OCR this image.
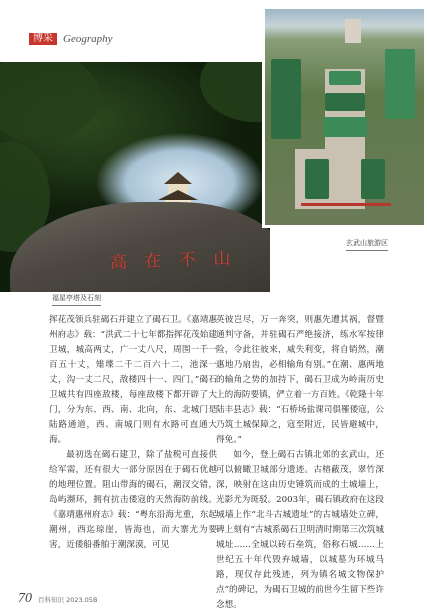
博采 Geography
高 在 不 山
玄武山旅游区
福星亭塔及石刻

挥花茂领兵驻碣石并建立了碣石卫。《嘉靖惠州府志》载：“洪武二十七年都指挥花茂始建卫城，城高两丈，广一丈八尺，周围一千一百五十丈，雉堞二千二百六十二，池深一丈，沟一丈二尺，敌楼四十一、四门。”碣石卫城共有四座敌楼，每座敌楼下都开辟了大门，分为东、西、南、北向，东、北城门是陆路通道，西、南城门则有水路可直通大海。

最初选在碣石建卫，除了盐税可直接供给军需，还有很大一部分原因在于碣石优越的地理位置。阻山带海的碣石，潮汊交错，岛屿濒环，拥有抗击倭寇的天然海防前线。《嘉靖惠州府志》载：“粤东沿海尤重，东起潮州，西迄琼崖，皆海也，而大寨尤为要害，近倭船番舶于潮深漠，可见

英彼岂尽，万一奔突，则惠先遭其祸，督暨通判守备，并驻碣石严绝接济，练水军按律险，令此往彼来，威失利变，将自销然，潮惠地乃扇齿，必相输角有别。”在潮、惠两地的输角之势的加持下，碣石卫成为岭南历史上的海防要镇，俨立着一方百姓。《乾隆十年陆丰县志》载：“石桥场盐课司俱罹倭寇，公乃筑土城保障之，寇至附近，民皆避城中，得免。”

如今，登上碣石古镇北郊的玄武山，还可以俯瞰卫城部分遗迹。古榕蔽茂，翠竹深深，映射在这由历史锤筑而成的土城墙上，光影尤为斑驳。2003年，碣石镇政府在这段城墙上作“北斗古城遗址”的古城墙处立碑，碑上刻有“古城系碣石卫明清时期第三次筑城城址……全城以砖石垒筑，俗称石城……上世纪五十年代毁弃城墙，以城墓为环城马路，现仅存此残迹，列为镇名城文物保护点”的碑记，为碣石卫城的前世今生留下些许念想。

70 百科知识 2023.05B
